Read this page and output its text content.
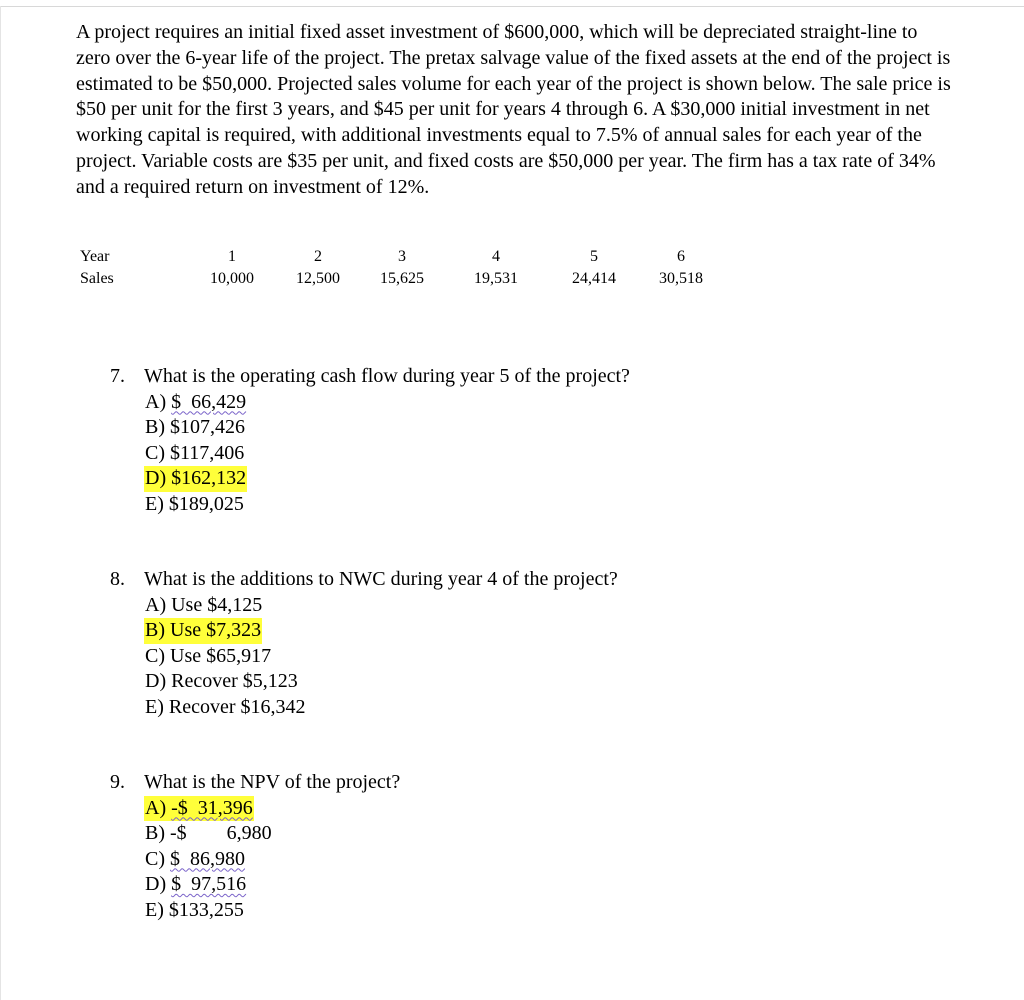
A project requires an initial fixed asset investment of $600,000, which will be depreciated straight-line to zero over the 6-year life of the project. The pretax salvage value of the fixed assets at the end of the project is estimated to be $50,000. Projected sales volume for each year of the project is shown below. The sale price is $50 per unit for the first 3 years, and $45 per unit for years 4 through 6. A $30,000 initial investment in net working capital is required, with additional investments equal to 7.5% of annual sales for each year of the project. Variable costs are $35 per unit, and fixed costs are $50,000 per year. The firm has a tax rate of 34% and a required return on investment of 12%.

Year	1	2	3	4	5	6
Sales	10,000	12,500	15,625	19,531	24,414	30,518
7. What is the operating cash flow during year 5 of the project?
A) $  66,429
B) $107,426
C) $117,406
D) $162,132
E) $189,025
8. What is the additions to NWC during year 4 of the project?
A) Use $4,125
B) Use $7,323
C) Use $65,917
D) Recover $5,123
E) Recover $16,342
9. What is the NPV of the project?
A) -$  31,396
B) -$        6,980
C) $  86,980
D) $  97,516
E) $133,255
